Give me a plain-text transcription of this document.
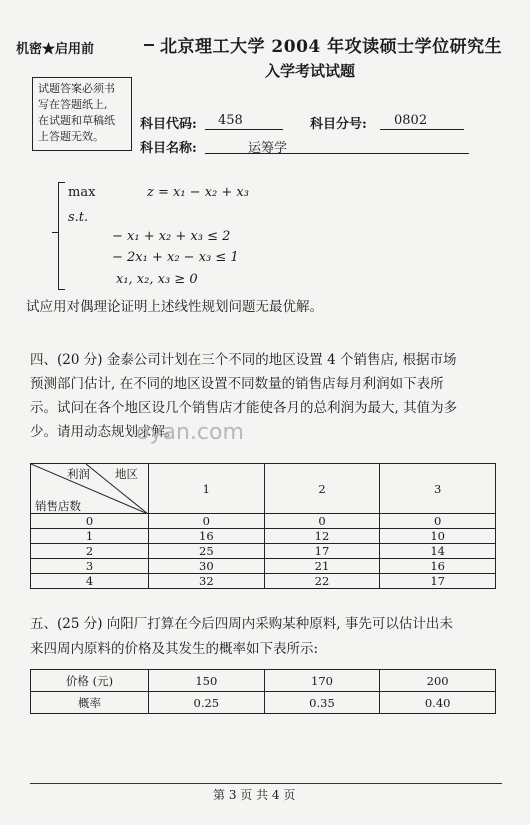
机密★启用前	北京理工大学 2004 年攻读硕士学位研究生
入学考试试题
试题答案必须书
写在答题纸上,
在试题和草稿纸
上答题无效。
科目代码: 458	科目分号: 0802
科目名称:	运筹学
max	z = x₁ − x₂ + x₃
s.t.
− x₁ + x₂ + x₃ ≤ 2
− 2x₁ + x₂ − x₃ ≤ 1
x₁, x₂, x₃ ≥ 0
试应用对偶理论证明上述线性规划问题无最优解。
四、(20 分) 金泰公司计划在三个不同的地区设置 4 个销售店, 根据市场
预测部门估计, 在不同的地区设置不同数量的销售店每月利润如下表所
示。试问在各个地区设几个销售店才能使各月的总利润为最大, 其值为多
少。请用动态规划求解。
oyan.com
利润 地区
销售店数	1	2	3
0	0	0	0
1	16	12	10
2	25	17	14
3	30	21	16
4	32	22	17
五、(25 分) 向阳厂打算在今后四周内采购某种原料, 事先可以估计出未
来四周内原料的价格及其发生的概率如下表所示:
价格 (元)	150	170	200
概率	0.25	0.35	0.40
第 3 页 共 4 页
